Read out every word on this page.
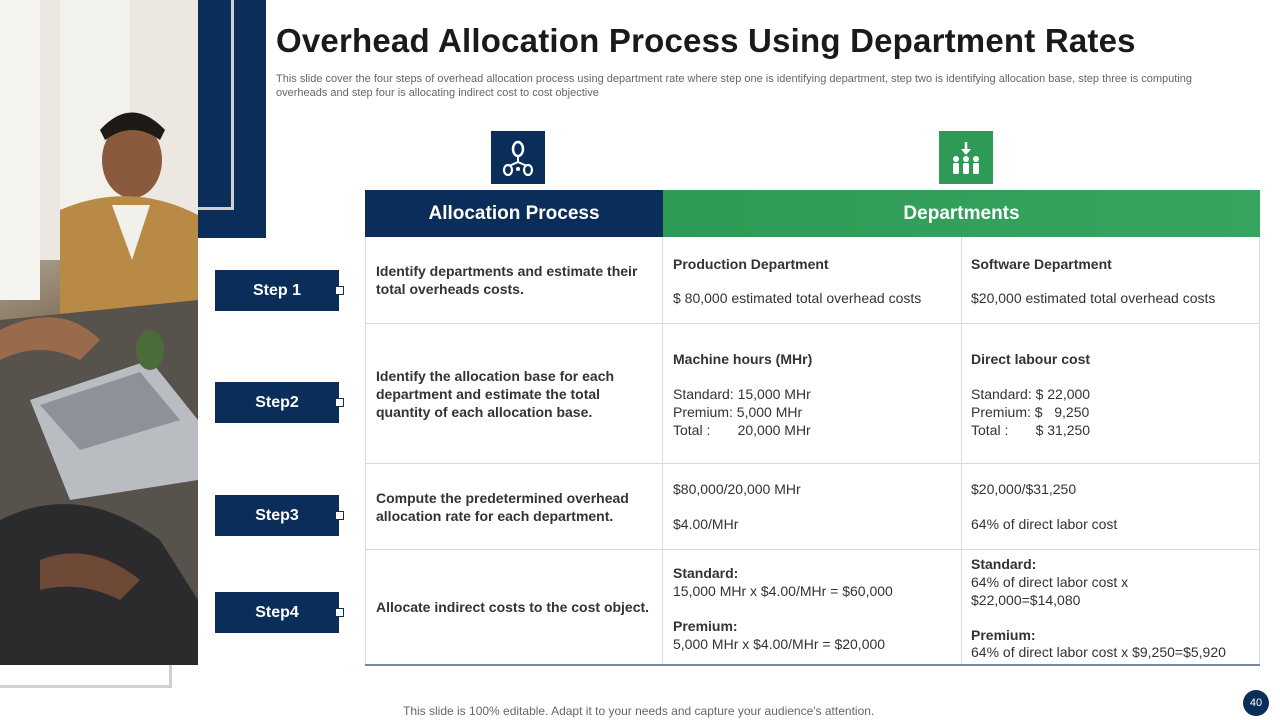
Overhead Allocation Process Using Department Rates
This slide cover the four steps of overhead allocation process using department rate where step one is identifying department, step two is identifying allocation base, step three is computing overheads and step four is allocating indirect cost to cost objective
Step 1
Step2
Step3
Step4
Allocation Process	Departments
Identify departments and estimate their total overheads costs.
Production Department
$ 80,000 estimated total overhead costs
Software Department
$20,000 estimated total overhead costs
Identify the allocation base for each department and estimate the total quantity of each allocation base.
Machine hours (MHr)
Standard: 15,000 MHr
Premium: 5,000 MHr
Total :       20,000 MHr
Direct labour cost
Standard: $ 22,000
Premium: $   9,250
Total :       $ 31,250
Compute the predetermined overhead allocation rate for each department.
$80,000/20,000 MHr
$4.00/MHr
$20,000/$31,250
64% of direct labor cost
Allocate indirect costs to the cost object.
Standard:
15,000 MHr x $4.00/MHr = $60,000
Premium:
5,000 MHr x $4.00/MHr = $20,000
Standard:
64% of direct labor cost x
$22,000=$14,080
Premium:
64% of direct labor cost x $9,250=$5,920
This slide is 100% editable. Adapt it to your needs and capture your audience's attention.
40
